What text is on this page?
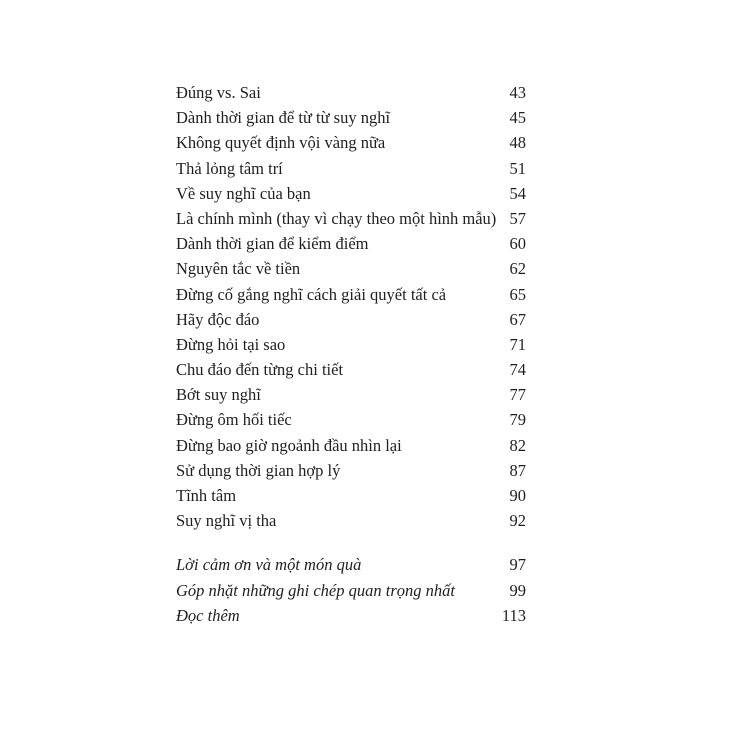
Đúng vs. Sai	43
Dành thời gian để từ từ suy nghĩ	45
Không quyết định vội vàng nữa	48
Thả lỏng tâm trí	51
Về suy nghĩ của bạn	54
Là chính mình (thay vì chạy theo một hình mẫu) 57
Dành thời gian để kiểm điểm	60
Nguyên tắc về tiền	62
Đừng cố gắng nghĩ cách giải quyết tất cả	65
Hãy độc đáo	67
Đừng hỏi tại sao	71
Chu đáo đến từng chi tiết	74
Bớt suy nghĩ	77
Đừng ôm hối tiếc	79
Đừng bao giờ ngoảnh đầu nhìn lại	82
Sử dụng thời gian hợp lý	87
Tĩnh tâm	90
Suy nghĩ vị tha	92
Lời cảm ơn và một món quà	97
Góp nhặt những ghi chép quan trọng nhất	99
Đọc thêm	113
